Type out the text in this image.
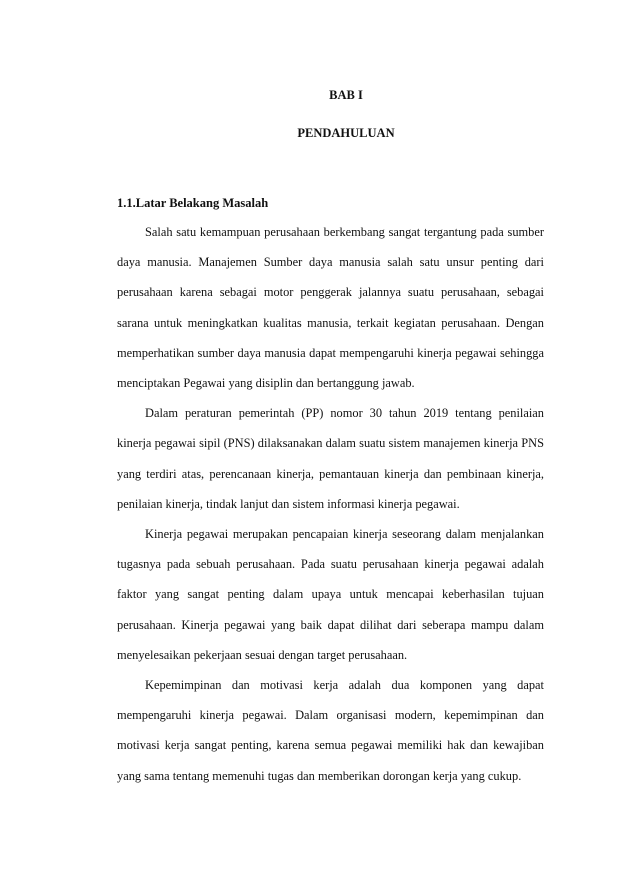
BAB I
PENDAHULUAN
1.1.Latar Belakang Masalah

Salah satu kemampuan perusahaan berkembang sangat tergantung pada sumber daya manusia. Manajemen Sumber daya manusia salah satu unsur penting dari perusahaan karena sebagai motor penggerak jalannya suatu perusahaan, sebagai sarana untuk meningkatkan kualitas manusia, terkait kegiatan perusahaan. Dengan memperhatikan sumber daya manusia dapat mempengaruhi kinerja pegawai sehingga menciptakan Pegawai yang disiplin dan bertanggung jawab.

Dalam peraturan pemerintah (PP) nomor 30 tahun 2019 tentang penilaian kinerja pegawai sipil (PNS) dilaksanakan dalam suatu sistem manajemen kinerja PNS yang terdiri atas, perencanaan kinerja, pemantauan kinerja dan pembinaan kinerja, penilaian kinerja, tindak lanjut dan sistem informasi kinerja pegawai.

Kinerja pegawai merupakan pencapaian kinerja seseorang dalam menjalankan tugasnya pada sebuah perusahaan. Pada suatu perusahaan kinerja pegawai adalah faktor yang sangat penting dalam upaya untuk mencapai keberhasilan tujuan perusahaan. Kinerja pegawai yang baik dapat dilihat dari seberapa mampu dalam menyelesaikan pekerjaan sesuai dengan target perusahaan.

Kepemimpinan dan motivasi kerja adalah dua komponen yang dapat mempengaruhi kinerja pegawai. Dalam organisasi modern, kepemimpinan dan motivasi kerja sangat penting, karena semua pegawai memiliki hak dan kewajiban yang sama tentang memenuhi tugas dan memberikan dorongan kerja yang cukup.
